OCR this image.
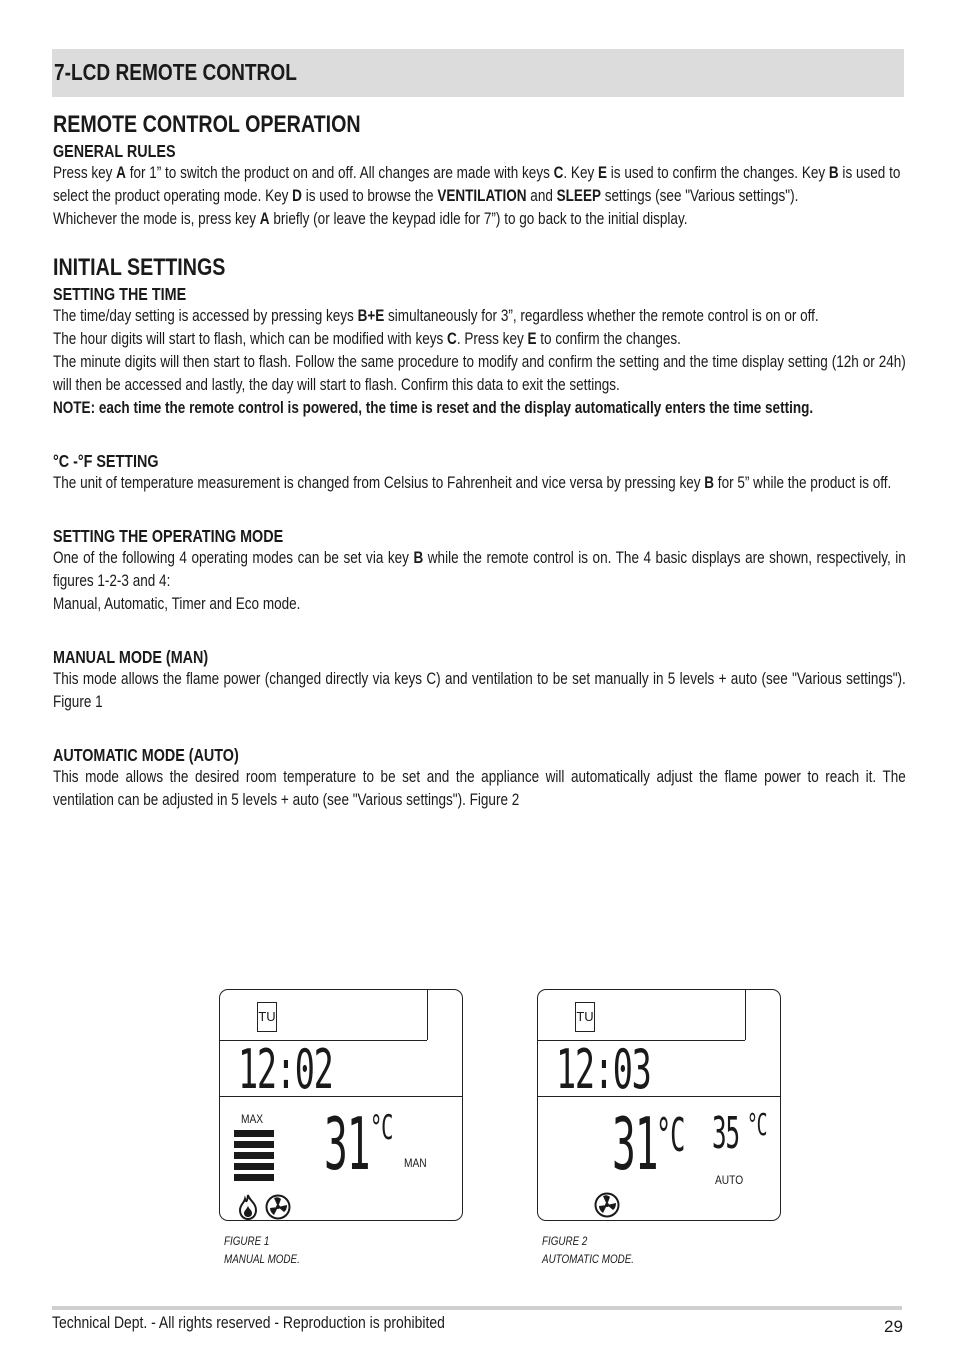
7-LCD REMOTE CONTROL
REMOTE CONTROL OPERATION
GENERAL RULES

Press key A for 1” to switch the product on and off. All changes are made with keys C. Key E is used to confirm the changes. Key B is used to select the product operating mode. Key D is used to browse the VENTILATION and SLEEP settings (see "Various settings").

Whichever the mode is, press key A briefly (or leave the keypad idle for 7”) to go back to the initial display.

INITIAL SETTINGS
SETTING THE TIME

The time/day setting is accessed by pressing keys B+E simultaneously for 3”, regardless whether the remote control is on or off.

The hour digits will start to flash, which can be modified with keys C. Press key E to confirm the changes.

The minute digits will then start to flash. Follow the same procedure to modify and confirm the setting and the time display setting (12h or 24h) will then be accessed and lastly, the day will start to flash. Confirm this data to exit the settings.

NOTE: each time the remote control is powered, the time is reset and the display automatically enters the time setting.

°C -°F SETTING

The unit of temperature measurement is changed from Celsius to Fahrenheit and vice versa by pressing key B for 5” while the product is off.

SETTING THE OPERATING MODE

One of the following 4 operating modes can be set via key B while the remote control is on. The 4 basic displays are shown, respectively, in figures 1-2-3 and 4:

Manual, Automatic, Timer and Eco mode.

MANUAL MODE (MAN)

This mode allows the flame power (changed directly via keys C) and ventilation to be set manually in 5 levels + auto (see "Various settings"). Figure 1

AUTOMATIC MODE (AUTO)

This mode allows the desired room temperature to be set and the appliance will automatically adjust the flame power to reach it. The ventilation can be adjusted in 5 levels + auto (see "Various settings"). Figure 2

TU
12:02
MAX 31 °C
MAN
FIGURE 1
MANUAL MODE.
TU
12:03
31
°C 35 °C
AUTO
FIGURE 2
AUTOMATIC MODE.
Technical Dept. - All rights reserved - Reproduction is prohibited	29
